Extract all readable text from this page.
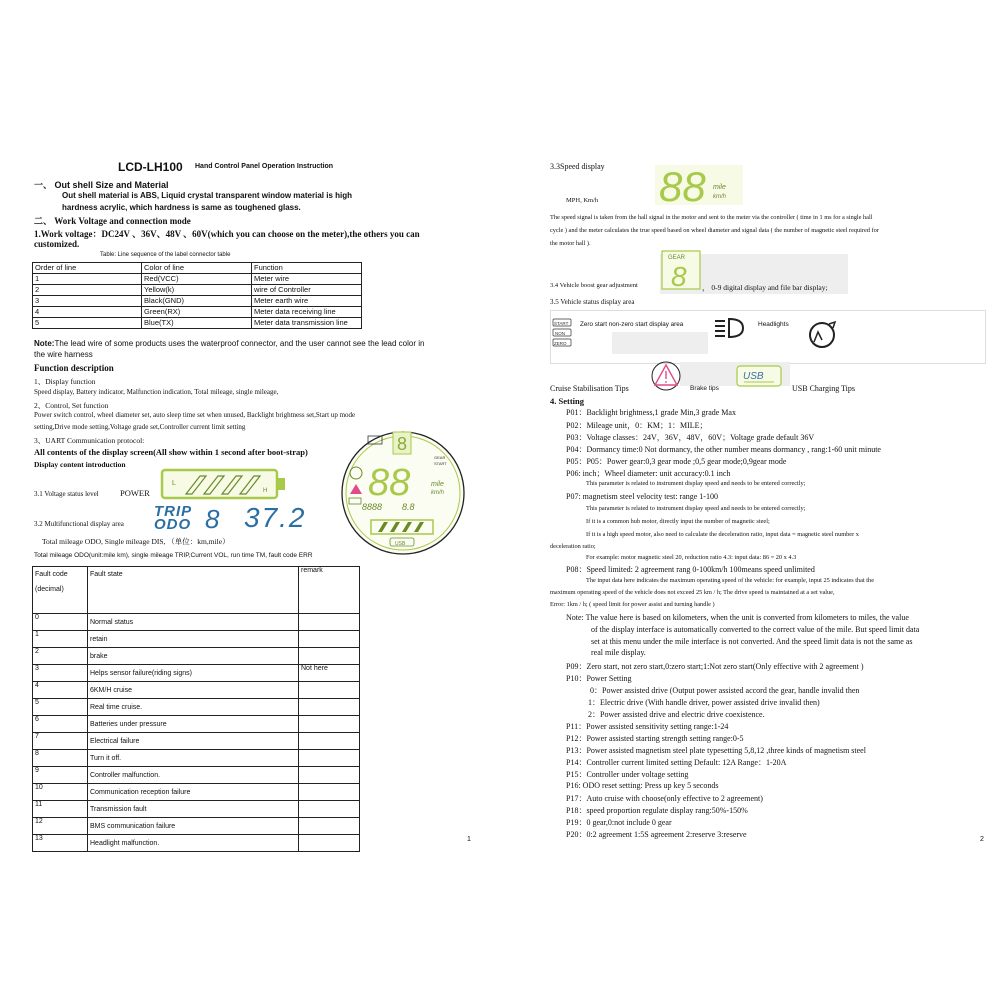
LCD-LH100 Hand Control Panel Operation Instruction
一、 Out shell Size and Material
Out shell material is ABS, Liquid crystal transparent window material is high
hardness acrylic, which hardness is same as toughened glass.
二、 Work Voltage and connection mode
1.Work voltage：DC24V 、36V、48V 、60V(which you can choose on the meter),the others you can
customized.
Table: Line sequence of the label connector table
Order of line	Color of line	Function
1	Red(VCC)	Meter wire
2	Yellow(k)	wire of Controller
3	Black(GND)	Meter earth wire
4	Green(RX)	Meter data receiving line
5	Blue(TX)	Meter data transmission line
Note:The lead wire of some products uses the waterproof connector, and the user cannot see the lead color in
the wire harness
Function description
1、Display function
Speed display, Battery indicator, Malfunction indication, Total mileage, single mileage,
2、Control, Set function
Power switch control, wheel diameter set, auto sleep time set when unused, Backlight brightness set,Start up mode
setting,Drive mode setting,Voltage grade set,Controller current limit setting
3、UART Communication protocol:
All contents of the display screen(All show within 1 second after boot-strap)
Display content introduction
3.1 Voltage status level	POWER
L
H
3.2 Multifunctional display area
TRIP
ODO 8 37.2
Total mileage ODO, Single mileage DIS, （单位：km,mile）
Total mileage ODO(unit:mile km), single mileage TRIP,Current VOL, run time TM, fault code ERR
8
START
GEAR
88	mile
km/h
8888 8.8
USB
Fault code
(decimal)	Fault state	remark

0	Normal status	

1	retain	

2	brake	

3	Helps sensor failure(riding signs)	Not here

4	6KM/H cruise	

5	Real time cruise.	

6	Batteries under pressure	

7	Electrical failure	

8	Turn it off.	

9	Controller malfunction.	

10	Communication reception failure	

11	Transmission fault	

12	BMS communication failure	

13	Headlight malfunction.	

1
3.3Speed display
MPH, Km/h 88 mile
km/h
The speed signal is taken from the hall signal in the motor and sent to the meter via the controller ( time in 1 ms for a single hall
cycle ) and the meter calculates the true speed based on wheel diameter and signal data ( the number of magnetic steel required for
the motor hall ).
3.4 Vehicle boost gear adjustment
GEAR
8 ， 0-9 digital display and file bar display;
3.5 Vehicle status display area
START
NON
ZERO
Zero start non-zero start display area	Headlights
Cruise Stabilisation Tips	Brake tips
USB
USB Charging Tips
4. Setting
P01：Backlight brightness,1 grade Min,3 grade Max
P02：Mileage unit，0：KM；1：MILE；
P03：Voltage classes：24V，36V，48V，60V；Voltage grade default 36V
P04：Dormancy time:0 Not dormancy, the other number means dormancy , rang:1-60 unit minute
P05：P05：Power gear:0,3 gear mode ;0,5 gear mode;0,9gear mode
P06: inch；Wheel diameter: unit accuracy:0.1 inch
This parameter is related to instrument display speed and needs to be entered correctly;
P07: magnetism steel velocity test: range 1-100
This parameter is related to instrument display speed and needs to be entered correctly;
If it is a common hub motor, directly input the number of magnetic steel;
If it is a high speed motor, also need to calculate the deceleration ratio, input data = magnetic steel number x
deceleration ratio;
For example: motor magnetic steel 20, reduction ratio 4.3: input data: 86 = 20 x 4.3
P08：Speed limited: 2 agreement rang 0-100km/h 100means speed unlimited
The input data here indicates the maximum operating speed of the vehicle: for example, input 25 indicates that the
maximum operating speed of the vehicle does not exceed 25 km / h; The drive speed is maintained at a set value,
Error: 1km / h; ( speed limit for power assist and turning handle )
Note: The value here is based on kilometers, when the unit is converted from kilometers to miles, the value
of the display interface is automatically converted to the correct value of the mile. But speed limit data
set at this menu under the mile interface is not converted. And the speed limit data is not the same as
real mile display.
P09：Zero start, not zero start,0:zero start;1:Not zero start(Only effective with 2 agreement )
P10：Power Setting
0：Power assisted drive (Output power assisted accord the gear, handle invalid then
1：Electric drive (With handle driver, power assisted drive invalid then)
2：Power assisted drive and electric drive coexistence.
P11：Power assisted sensitivity setting range:1-24
P12：Power assisted starting strength setting range:0-5
P13：Power assisted magnetism steel plate typesetting 5,8,12 ,three kinds of magnetism steel
P14：Controller current limited setting Default: 12A Range：1-20A
P15：Controller under voltage setting
P16: ODO reset setting: Press up key 5 seconds
P17：Auto cruise with choose(only effective to 2 agreement)
P18：speed proportion regulate display rang:50%-150%
P19：0 gear,0:not include 0 gear
P20：0:2 agreement 1:5S agreement 2:reserve 3:reserve
2
